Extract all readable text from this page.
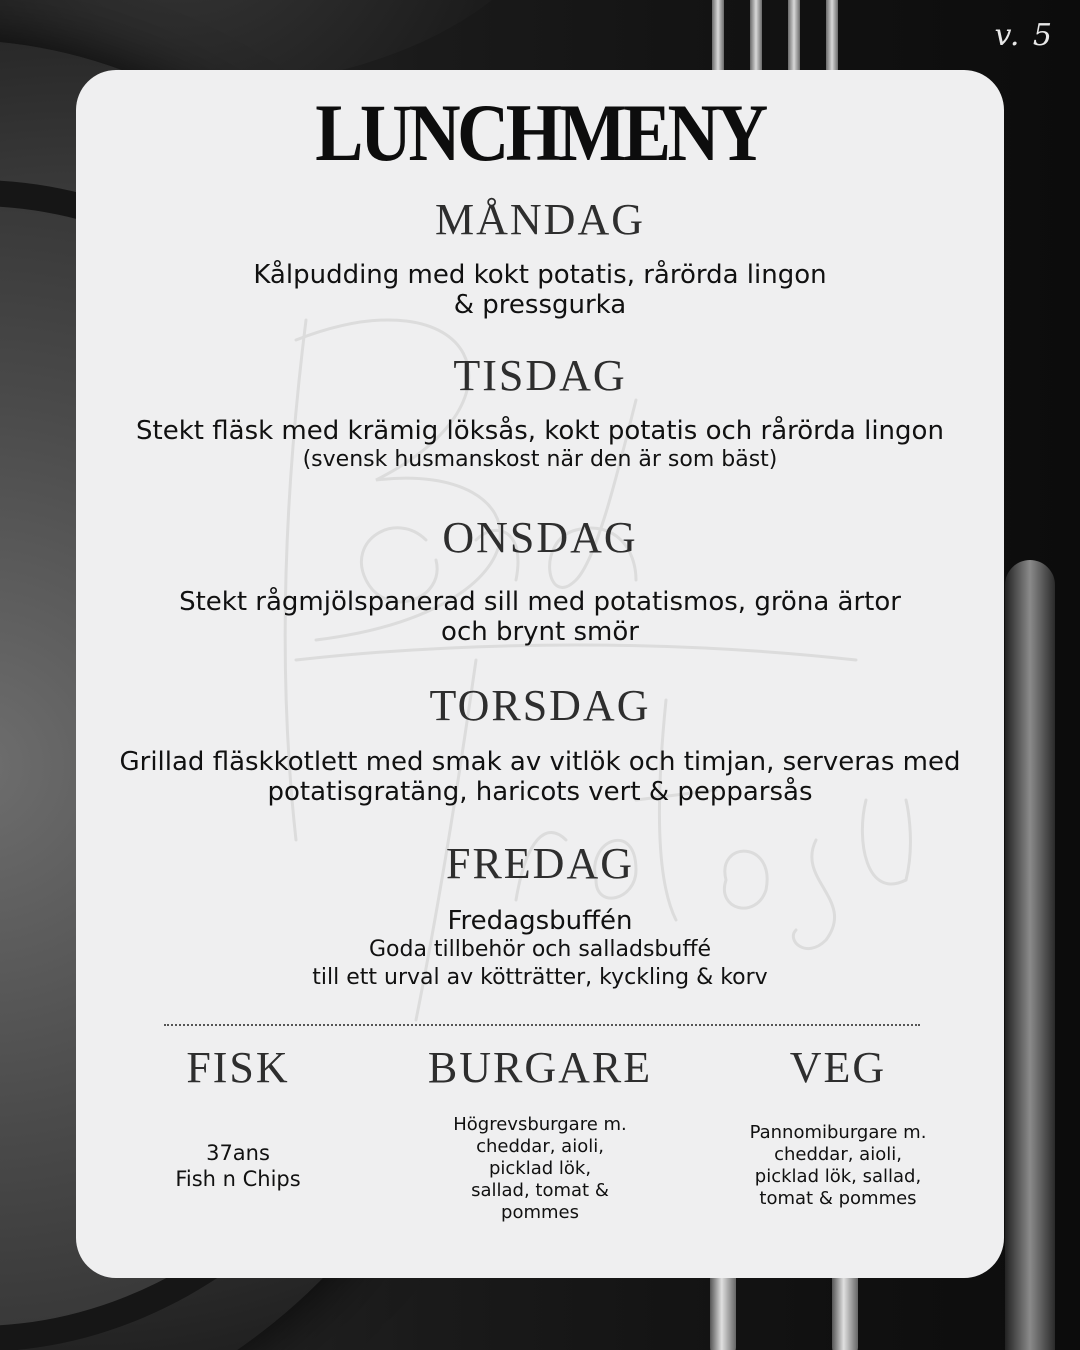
v. 5
LUNCHMENY
MÅNDAG
Kålpudding med kokt potatis, rårörda lingon
& pressgurka
TISDAG
Stekt fläsk med krämig löksås, kokt potatis och rårörda lingon
(svensk husmanskost när den är som bäst)
ONSDAG
Stekt rågmjölspanerad sill med potatismos, gröna ärtor
och brynt smör
TORSDAG
Grillad fläskkotlett med smak av vitlök och timjan, serveras med
potatisgratäng, haricots vert & pepparsås
FREDAG
Fredagsbuffén
Goda tillbehör och salladsbuffé
till ett urval av kötträtter, kyckling & korv
FISK
37ans
Fish n Chips
BURGARE
Högrevsburgare m.
cheddar, aioli,
picklad lök,
sallad, tomat &
pommes
VEG
Pannomiburgare m.
cheddar, aioli,
picklad lök, sallad,
tomat & pommes
